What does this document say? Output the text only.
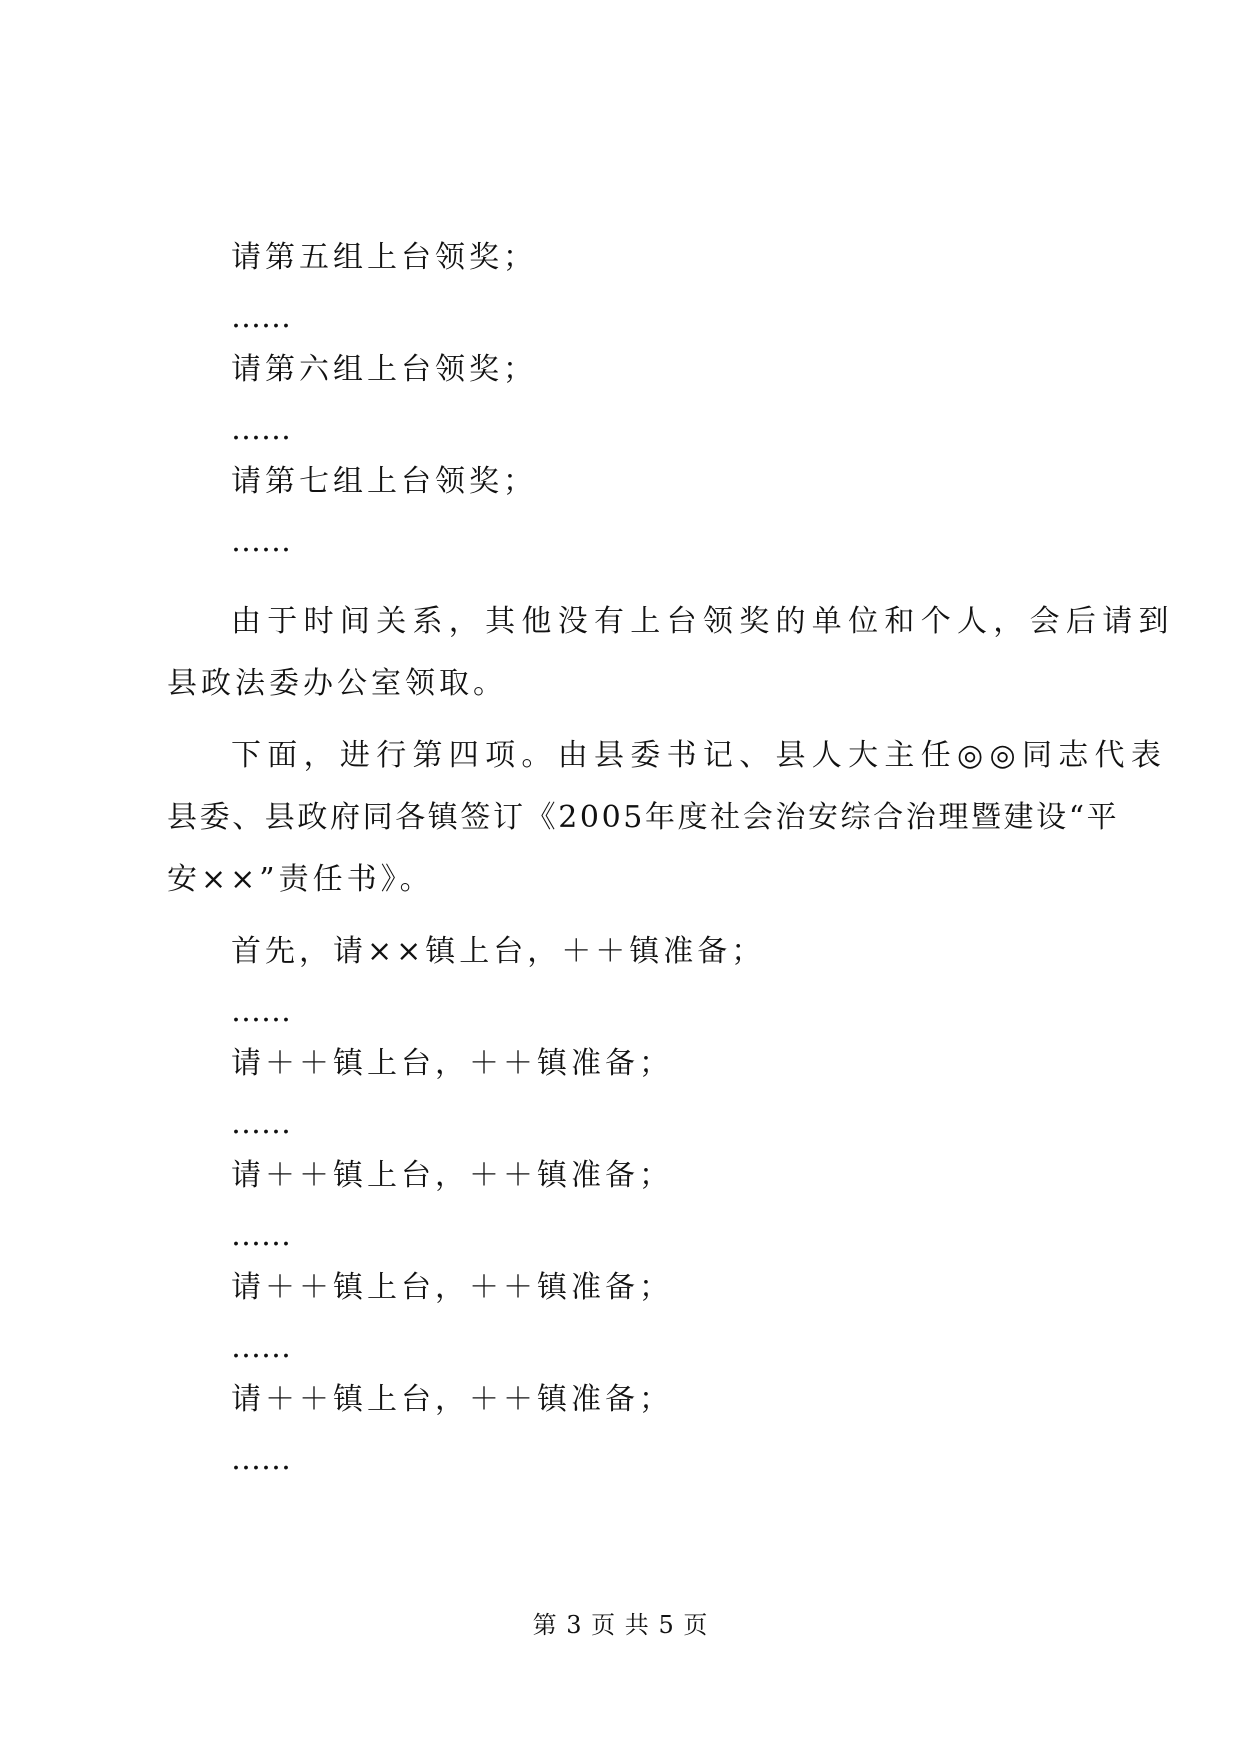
请第五组上台领奖；
……
请第六组上台领奖；
……
请第七组上台领奖；
……
由于时间关系，其他没有上台领奖的单位和个人，会后请到
县政法委办公室领取。
下面，进行第四项。由县委书记、县人大主任◎◎同志代表
县委、县政府同各镇签订《2005年度社会治安综合治理暨建设“平
安××”责任书》。
首先，请××镇上台，＋＋镇准备；
……
请＋＋镇上台，＋＋镇准备；
……
请＋＋镇上台，＋＋镇准备；
……
请＋＋镇上台，＋＋镇准备；
……
请＋＋镇上台，＋＋镇准备；
……
第 3 页 共 5 页
